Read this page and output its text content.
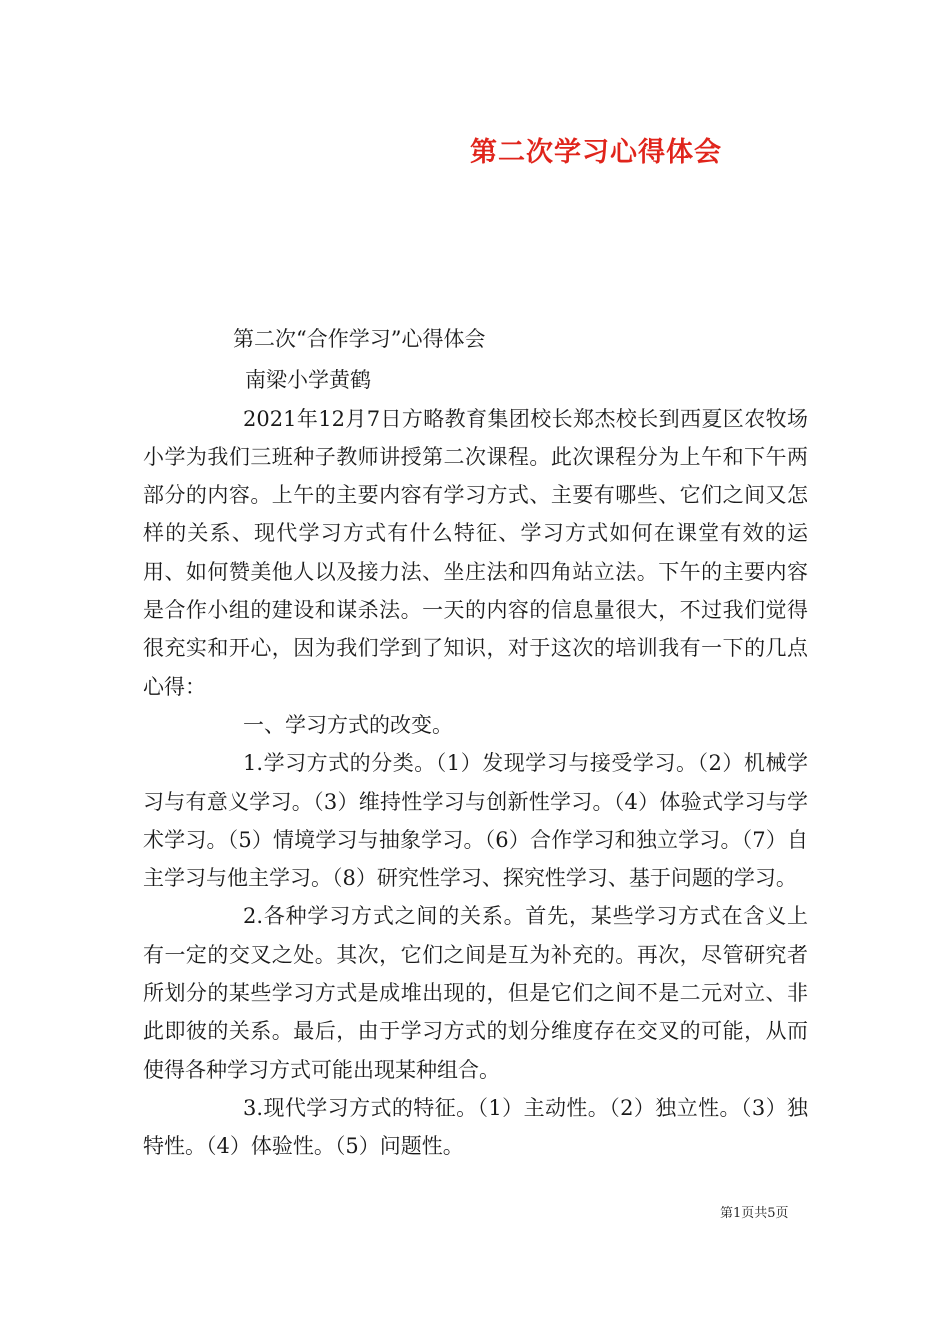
第二次学习心得体会

第二次“合作学习”心得体会

南梁小学黄鹤

2021年12月7日方略教育集团校长郑杰校长到西夏区农牧场小学为我们三班种子教师讲授第二次课程。此次课程分为上午和下午两部分的内容。上午的主要内容有学习方式、主要有哪些、它们之间又怎样的关系、现代学习方式有什么特征、学习方式如何在课堂有效的运用、如何赞美他人以及接力法、坐庄法和四角站立法。下午的主要内容是合作小组的建设和谋杀法。一天的内容的信息量很大，不过我们觉得很充实和开心，因为我们学到了知识，对于这次的培训我有一下的几点心得：

一、学习方式的改变。

1.学习方式的分类。（1）发现学习与接受学习。（2）机械学习与有意义学习。（3）维持性学习与创新性学习。（4）体验式学习与学术学习。（5）情境学习与抽象学习。（6）合作学习和独立学习。（7）自主学习与他主学习。（8）研究性学习、探究性学习、基于问题的学习。

2.各种学习方式之间的关系。首先，某些学习方式在含义上有一定的交叉之处。其次，它们之间是互为补充的。再次，尽管研究者所划分的某些学习方式是成堆出现的，但是它们之间不是二元对立、非此即彼的关系。最后，由于学习方式的划分维度存在交叉的可能，从而使得各种学习方式可能出现某种组合。

3.现代学习方式的特征。（1）主动性。（2）独立性。（3）独特性。（4）体验性。（5）问题性。

第1页共5页
